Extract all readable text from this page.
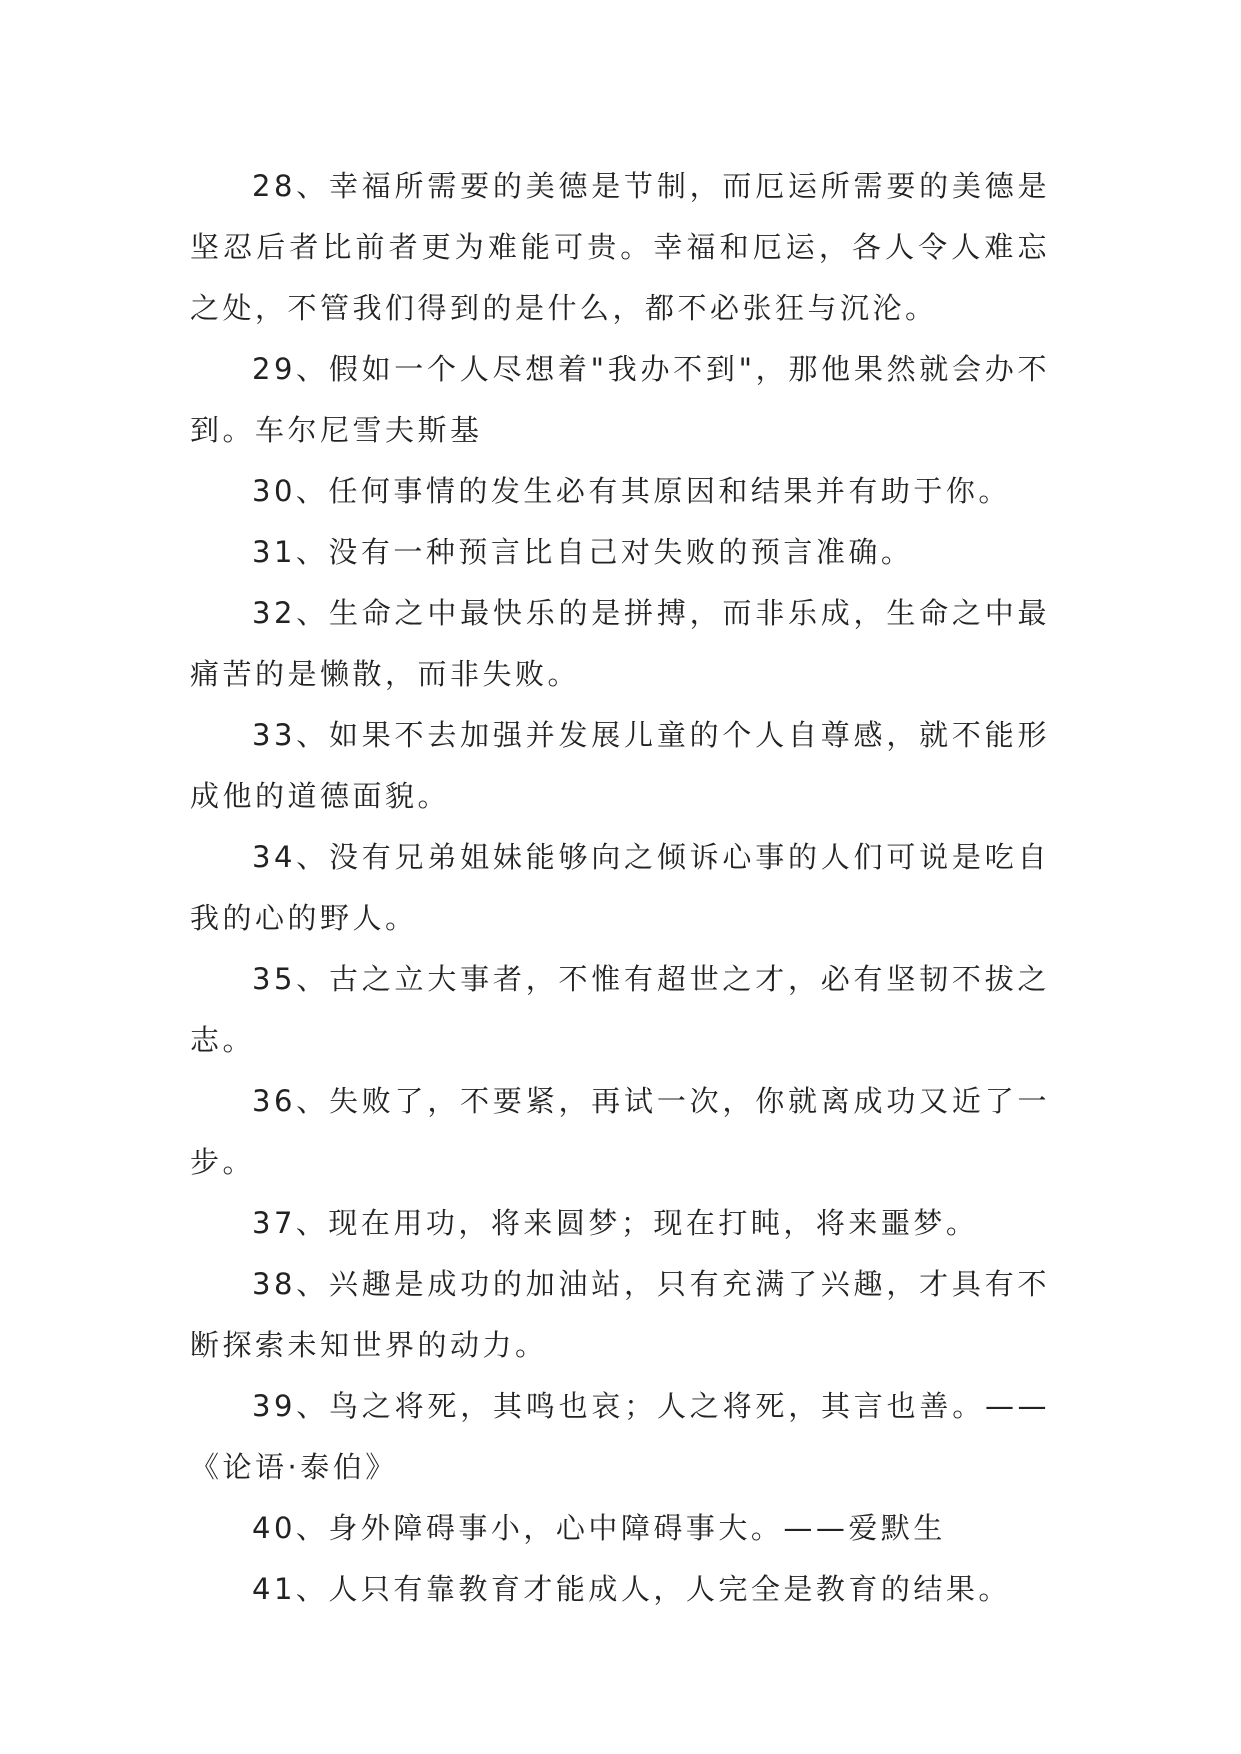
28、幸福所需要的美德是节制，而厄运所需要的美德是坚忍后者比前者更为难能可贵。幸福和厄运，各人令人难忘之处，不管我们得到的是什么，都不必张狂与沉沦。

29、假如一个人尽想着"我办不到"，那他果然就会办不到。车尔尼雪夫斯基

30、任何事情的发生必有其原因和结果并有助于你。

31、没有一种预言比自己对失败的预言准确。

32、生命之中最快乐的是拼搏，而非乐成，生命之中最痛苦的是懒散，而非失败。

33、如果不去加强并发展儿童的个人自尊感，就不能形成他的道德面貌。

34、没有兄弟姐妹能够向之倾诉心事的人们可说是吃自我的心的野人。

35、古之立大事者，不惟有超世之才，必有坚韧不拔之志。

36、失败了，不要紧，再试一次，你就离成功又近了一步。

37、现在用功，将来圆梦；现在打盹，将来噩梦。

38、兴趣是成功的加油站，只有充满了兴趣，才具有不断探索未知世界的动力。

39、鸟之将死，其鸣也哀；人之将死，其言也善。——《论语·泰伯》

40、身外障碍事小，心中障碍事大。——爱默生

41、人只有靠教育才能成人，人完全是教育的结果。
